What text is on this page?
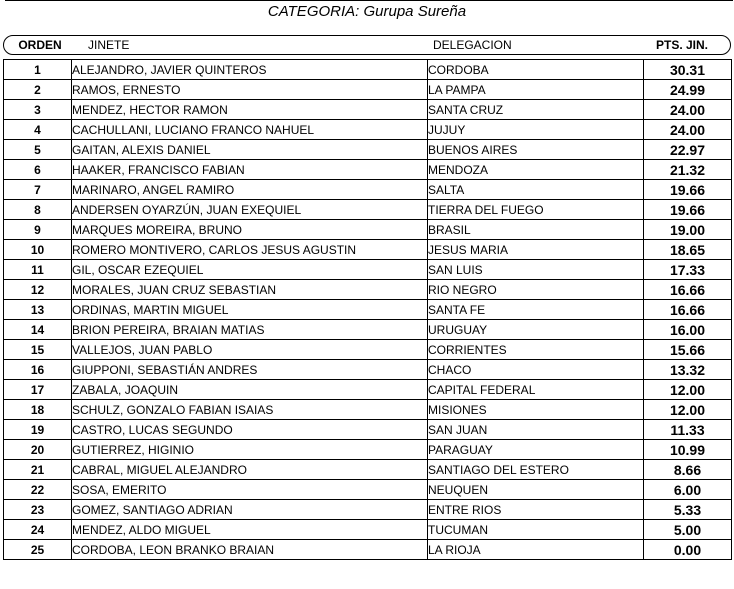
CATEGORIA: Gurupa Sureña
ORDEN	JINETE	DELEGACION	PTS. JIN.
1	ALEJANDRO, JAVIER QUINTEROS	CORDOBA	30.31
2	RAMOS, ERNESTO	LA PAMPA	24.99
3	MENDEZ, HECTOR RAMON	SANTA CRUZ	24.00
4	CACHULLANI, LUCIANO FRANCO NAHUEL	JUJUY	24.00
5	GAITAN, ALEXIS DANIEL	BUENOS AIRES	22.97
6	HAAKER, FRANCISCO FABIAN	MENDOZA	21.32
7	MARINARO, ANGEL RAMIRO	SALTA	19.66
8	ANDERSEN OYARZÚN, JUAN EXEQUIEL	TIERRA DEL FUEGO	19.66
9	MARQUES MOREIRA, BRUNO	BRASIL	19.00
10	ROMERO MONTIVERO, CARLOS JESUS AGUSTIN	JESUS MARIA	18.65
11	GIL, OSCAR EZEQUIEL	SAN LUIS	17.33
12	MORALES, JUAN CRUZ SEBASTIAN	RIO NEGRO	16.66
13	ORDINAS, MARTIN MIGUEL	SANTA FE	16.66
14	BRION PEREIRA, BRAIAN MATIAS	URUGUAY	16.00
15	VALLEJOS, JUAN PABLO	CORRIENTES	15.66
16	GIUPPONI, SEBASTIÁN ANDRES	CHACO	13.32
17	ZABALA, JOAQUIN	CAPITAL FEDERAL	12.00
18	SCHULZ, GONZALO FABIAN ISAIAS	MISIONES	12.00
19	CASTRO, LUCAS SEGUNDO	SAN JUAN	11.33
20	GUTIERREZ, HIGINIO	PARAGUAY	10.99
21	CABRAL, MIGUEL ALEJANDRO	SANTIAGO DEL ESTERO	8.66
22	SOSA, EMERITO	NEUQUEN	6.00
23	GOMEZ, SANTIAGO ADRIAN	ENTRE RIOS	5.33
24	MENDEZ, ALDO MIGUEL	TUCUMAN	5.00
25	CORDOBA, LEON BRANKO BRAIAN	LA RIOJA	0.00
